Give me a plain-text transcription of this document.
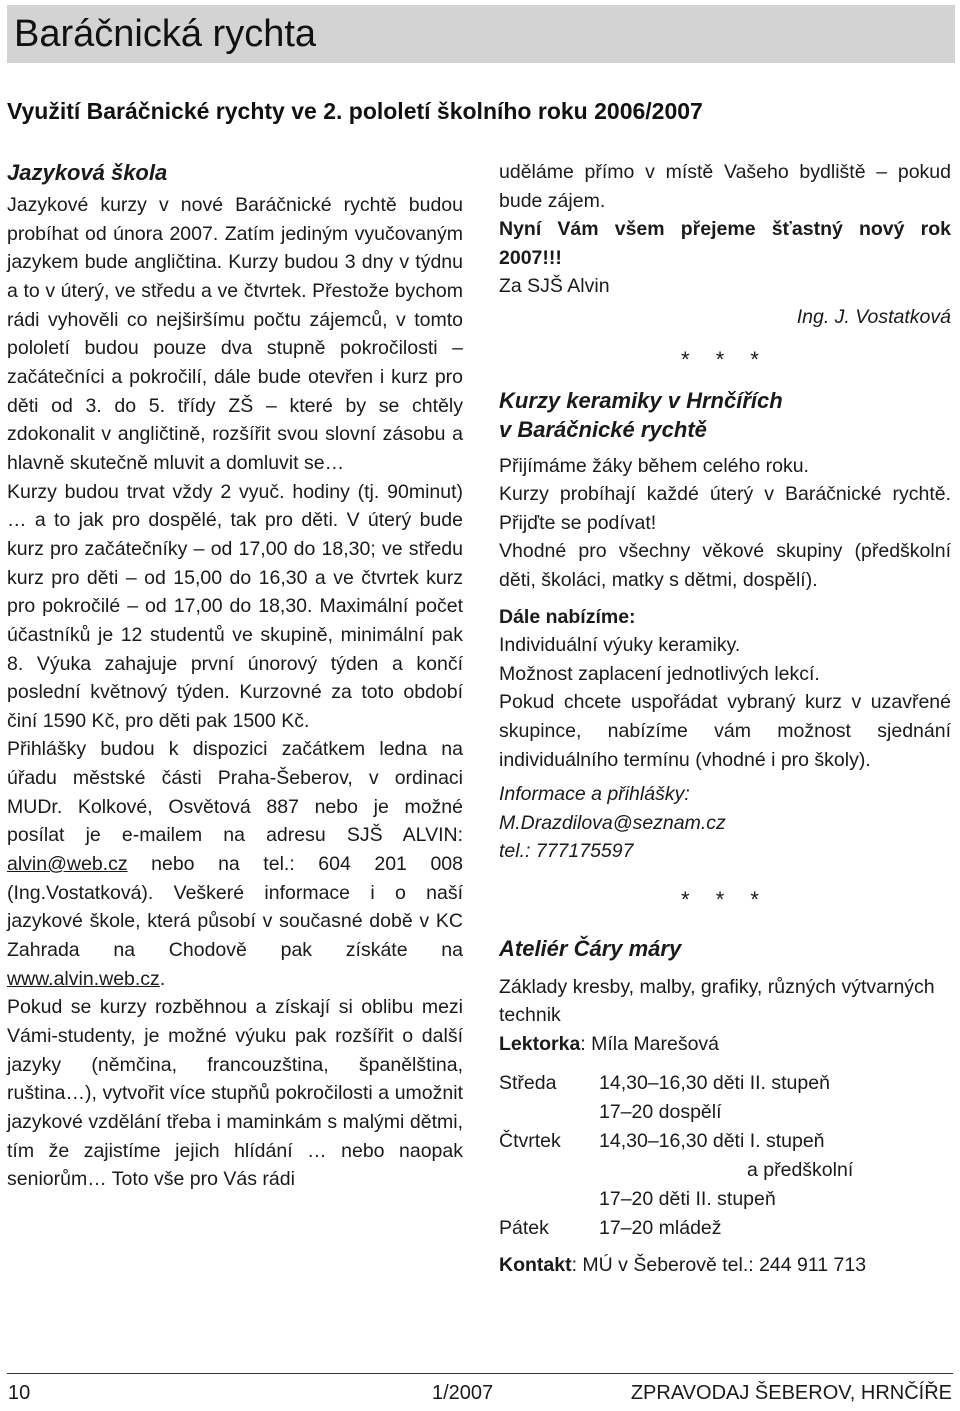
Baráčnická rychta
Využití Baráčnické rychty ve 2. pololetí školního roku 2006/2007
Jazyková škola

Jazykové kurzy v nové Baráčnické rychtě budou probíhat od února 2007. Zatím jediným vyučovaným jazykem bude angličtina. Kurzy budou 3 dny v týdnu a to v úterý, ve středu a ve čtvrtek. Přestože bychom rádi vyhověli co nejširšímu počtu zájemců, v tomto pololetí budou pouze dva stupně pokročilosti – začátečníci a pokročilí, dále bude otevřen i kurz pro děti od 3. do 5. třídy ZŠ – které by se chtěly zdokonalit v angličtině, rozšířit svou slovní zásobu a hlavně skutečně mluvit a domluvit se…

Kurzy budou trvat vždy 2 vyuč. hodiny (tj. 90minut) … a to jak pro dospělé, tak pro děti. V úterý bude kurz pro začátečníky – od 17,00 do 18,30; ve středu kurz pro děti – od 15,00 do 16,30 a ve čtvrtek kurz pro pokročilé – od 17,00 do 18,30. Maximální počet účastníků je 12 studentů ve skupině, minimální pak 8. Výuka zahajuje první únorový týden a končí poslední květnový týden. Kurzovné za toto období činí 1590 Kč, pro děti pak 1500 Kč.

Přihlášky budou k dispozici začátkem ledna na úřadu městské části Praha-Šeberov, v ordinaci MUDr. Kolkové, Osvětová 887 nebo je možné posílat je e-mailem na adresu SJŠ ALVIN: alvin@web.cz nebo na tel.: 604 201 008 (Ing.Vostatková). Veškeré informace i o naší jazykové škole, která působí v současné době v KC Zahrada na Chodově pak získáte na www.alvin.web.cz.

Pokud se kurzy rozběhnou a získají si oblibu mezi Vámi-studenty, je možné výuku pak rozšířit o další jazyky (němčina, francouzština, španělština, ruština…), vytvořit více stupňů pokročilosti a umožnit jazykové vzdělání třeba i maminkám s malými dětmi, tím že zajistíme jejich hlídání … nebo naopak seniorům… Toto vše pro Vás rádi

uděláme přímo v místě Vašeho bydliště – pokud bude zájem.

Nyní Vám všem přejeme šťastný nový rok 2007!!!

Za SJŠ Alvin

Ing. J. Vostatková

* * *
Kurzy keramiky v Hrnčířích
v Baráčnické rychtě

Přijímáme žáky během celého roku.

Kurzy probíhají každé úterý v Baráčnické rychtě. Přijďte se podívat!

Vhodné pro všechny věkové skupiny (předškolní děti, školáci, matky s dětmi, dospělí).

Dále nabízíme:

Individuální výuky keramiky.

Možnost zaplacení jednotlivých lekcí.

Pokud chcete uspořádat vybraný kurz v uzavřené skupince, nabízíme vám možnost sjednání individuálního termínu (vhodné i pro školy).

Informace a přihlášky:

M.Drazdilova@seznam.cz

tel.: 777175597

* * *
Ateliér Čáry máry

Základy kresby, malby, grafiky, různých výtvarných technik

Lektorka: Míla Marešová

Středa	14,30–16,30 děti II. stupeň
17–20 dospělí
Čtvrtek	14,30–16,30 děti I. stupeň
a předškolní
17–20 děti II. stupeň
Pátek	17–20 mládež

Kontakt: MÚ v Šeberově tel.: 244 911 713

10	1/2007	ZPRAVODAJ ŠEBEROV, HRNČÍŘE
